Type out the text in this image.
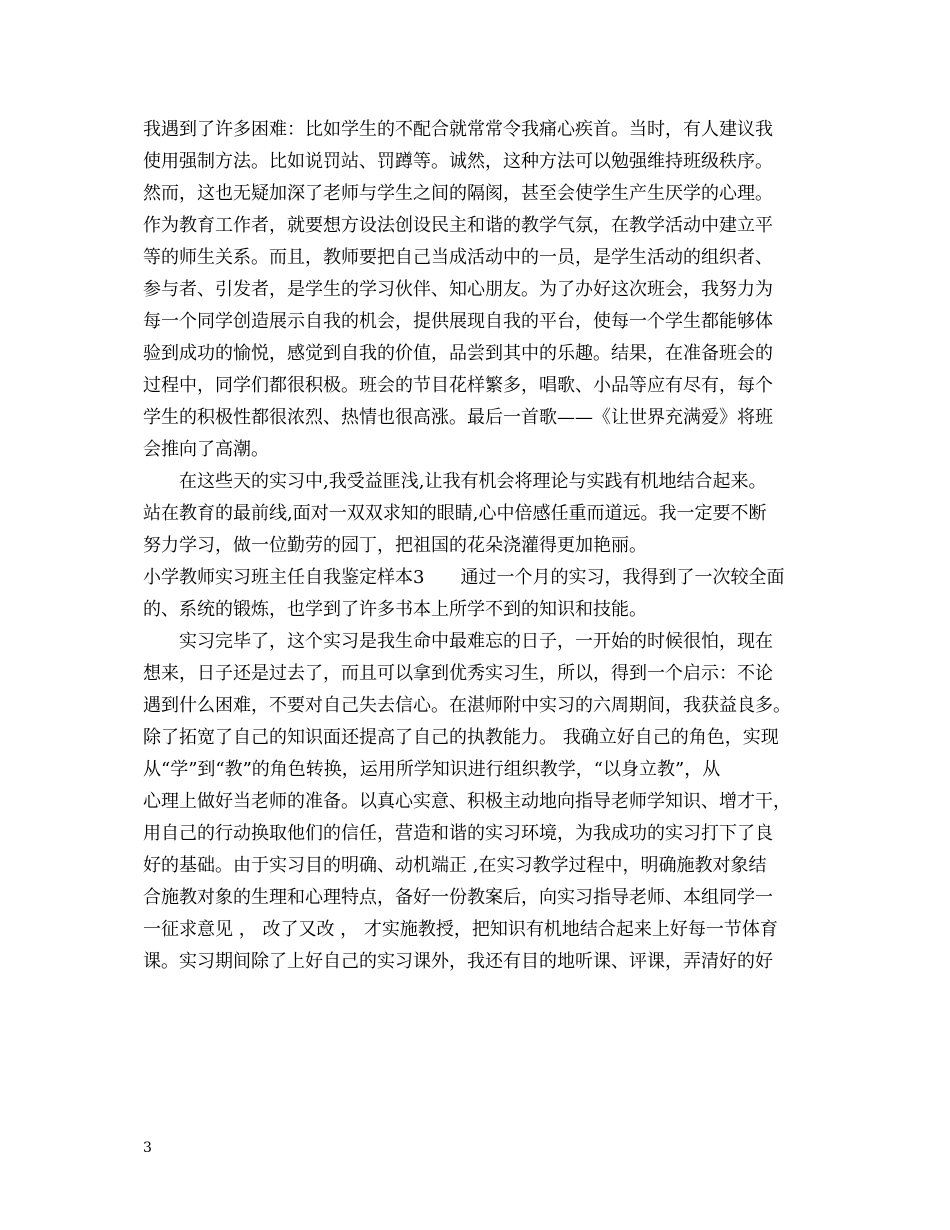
我遇到了许多困难：比如学生的不配合就常常令我痛心疾首。当时，有人建议我
使用强制方法。比如说罚站、罚蹲等。诚然，这种方法可以勉强维持班级秩序。
然而，这也无疑加深了老师与学生之间的隔阂，甚至会使学生产生厌学的心理。
作为教育工作者，就要想方设法创设民主和谐的教学气氛，在教学活动中建立平
等的师生关系。而且，教师要把自己当成活动中的一员，是学生活动的组织者、
参与者、引发者，是学生的学习伙伴、知心朋友。为了办好这次班会，我努力为
每一个同学创造展示自我的机会，提供展现自我的平台，使每一个学生都能够体
验到成功的愉悦，感觉到自我的价值，品尝到其中的乐趣。结果，在准备班会的
过程中，同学们都很积极。班会的节目花样繁多，唱歌、小品等应有尽有，每个
学生的积极性都很浓烈、热情也很高涨。最后一首歌——《让世界充满爱》将班
会推向了高潮。
　　在这些天的实习中,我受益匪浅,让我有机会将理论与实践有机地结合起来。
站在教育的最前线,面对一双双求知的眼睛,心中倍感任重而道远。我一定要不断
努力学习，做一位勤劳的园丁，把祖国的花朵浇灌得更加艳丽。
小学教师实习班主任自我鉴定样本3　　通过一个月的实习，我得到了一次较全面
的、系统的锻炼，也学到了许多书本上所学不到的知识和技能。
　　实习完毕了，这个实习是我生命中最难忘的日子，一开始的时候很怕，现在
想来，日子还是过去了，而且可以拿到优秀实习生，所以，得到一个启示：不论
遇到什么困难，不要对自己失去信心。在湛师附中实习的六周期间，我获益良多。
除了拓宽了自己的知识面还提高了自己的执教能力。 我确立好自己的角色，实现
从“学”到“教”的角色转换，运用所学知识进行组织教学，“以身立教”，从
心理上做好当老师的准备。以真心实意、积极主动地向指导老师学知识、增才干，
用自己的行动换取他们的信任，营造和谐的实习环境，为我成功的实习打下了良
好的基础。由于实习目的明确、动机端正 ,在实习教学过程中，明确施教对象结
合施教对象的生理和心理特点，备好一份教案后，向实习指导老师、本组同学一
一征求意见 ， 改了又改 ， 才实施教授，把知识有机地结合起来上好每一节体育
课。实习期间除了上好自己的实习课外，我还有目的地听课、评课，弄清好的好
3
